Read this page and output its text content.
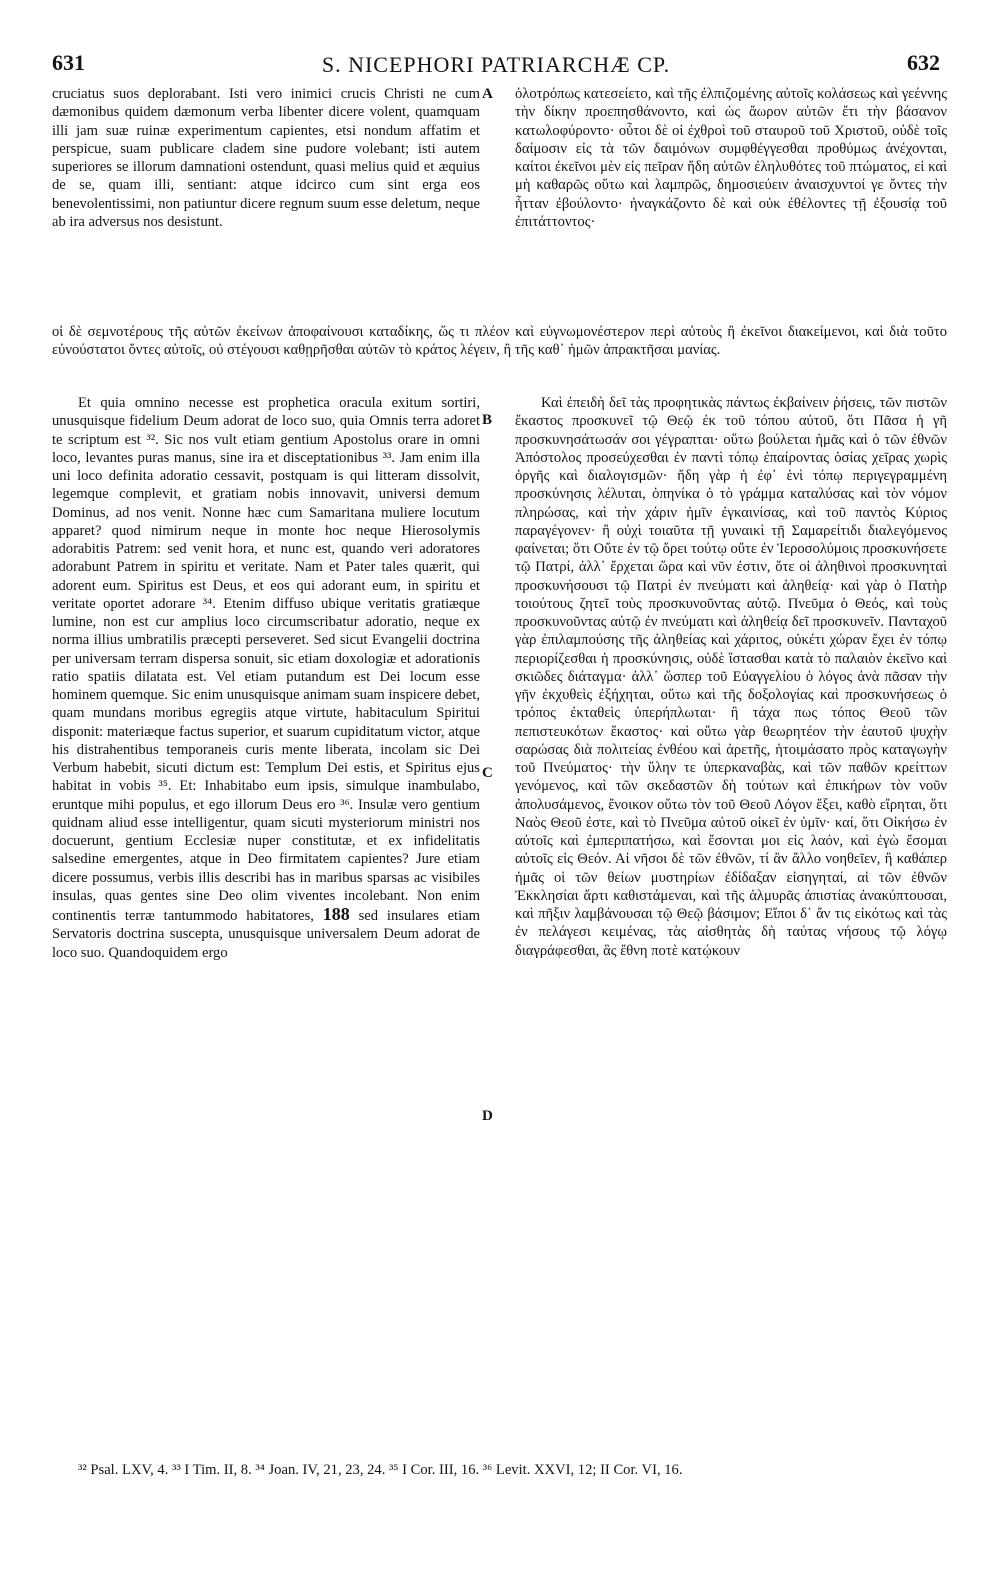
631	S. NICEPHORI PATRIARCHÆ CP.	632

cruciatus suos deplorabant. Isti vero inimici crucis Christi ne cum dæmonibus quidem dæmonum verba libenter dicere volent, quamquam illi jam suæ ruinæ experimentum capientes, etsi nondum affatim et perspicue, suam publicare cladem sine pudore volebant; isti autem superiores se illorum damnationi ostendunt, quasi melius quid et æquius de se, quam illi, sentiant: atque idcirco cum sint erga eos benevolentissimi, non patiuntur dicere regnum suum esse deletum, neque ab ira adversus nos desistunt.

ὁλοτρόπως κατεσείετο, καὶ τῆς ἐλπιζομένης αὐτοῖς κολάσεως καὶ γεέννης τὴν δίκην προεπησθάνοντο, καὶ ὡς ἄωρον αὐτῶν ἔτι τὴν βάσανον κατωλοφύροντο· οὗτοι δὲ οἱ ἐχθροὶ τοῦ σταυροῦ τοῦ Χριστοῦ, οὐδὲ τοῖς δαίμοσιν εἰς τὰ τῶν δαιμόνων συμφθέγγεσθαι προθύμως ἀνέχονται, καίτοι ἐκεῖνοι μὲν εἰς πεῖραν ἤδη αὐτῶν ἐληλυθότες τοῦ πτώματος, εἰ καὶ μὴ καθαρῶς οὕτω καὶ λαμπρῶς, δημοσιεύειν ἀναισχυντοί γε ὄντες τὴν ἧτταν ἐβούλοντο· ἠναγκάζοντο δὲ καὶ οὐκ ἐθέλοντες τῇ ἐξουσίᾳ τοῦ ἐπιτάττοντος·

οἱ δὲ σεμνοτέρους τῆς αὐτῶν ἐκείνων ἀποφαίνουσι καταδίκης, ὥς τι πλέον καὶ εὐγνωμονέστερον περὶ αὐτοὺς ἢ ἐκεῖνοι διακείμενοι, καὶ διὰ τοῦτο εὐνούστατοι ὄντες αὐτοῖς, οὐ στέγουσι καθῃρῆσθαι αὐτῶν τὸ κράτος λέγειν, ἢ τῆς καθ᾽ ἡμῶν ἀπρακτῆσαι μανίας.

Et quia omnino necesse est prophetica oracula exitum sortiri, unusquisque fidelium Deum adorat de loco suo, quia Omnis terra adoret te scriptum est ³². Sic nos vult etiam gentium Apostolus orare in omni loco, levantes puras manus, sine ira et disceptationibus ³³. Jam enim illa uni loco definita adoratio cessavit, postquam is qui litteram dissolvit, legemque complevit, et gratiam nobis innovavit, universi demum Dominus, ad nos venit. Nonne hæc cum Samaritana muliere locutum apparet? quod nimirum neque in monte hoc neque Hierosolymis adorabitis Patrem: sed venit hora, et nunc est, quando veri adoratores adorabunt Patrem in spiritu et veritate. Nam et Pater tales quærit, qui adorent eum. Spiritus est Deus, et eos qui adorant eum, in spiritu et veritate oportet adorare ³⁴. Etenim diffuso ubique veritatis gratiæque lumine, non est cur amplius loco circumscribatur adoratio, neque ex norma illius umbratilis præcepti perseveret. Sed sicut Evangelii doctrina per universam terram dispersa sonuit, sic etiam doxologiæ et adorationis ratio spatiis dilatata est. Vel etiam putandum est Dei locum esse hominem quemque. Sic enim unusquisque animam suam inspicere debet, quam mundans moribus egregiis atque virtute, habitaculum Spiritui disponit: materiæque factus superior, et suarum cupiditatum victor, atque his distrahentibus temporaneis curis mente liberata, incolam sic Dei Verbum habebit, sicuti dictum est: Templum Dei estis, et Spiritus ejus habitat in vobis ³⁵. Et: Inhabitabo eum ipsis, simulque inambulabo, eruntque mihi populus, et ego illorum Deus ero ³⁶. Insulæ vero gentium quidnam aliud esse intelligentur, quam sicuti mysteriorum ministri nos docuerunt, gentium Ecclesiæ nuper constitutæ, et ex infidelitatis salsedine emergentes, atque in Deo firmitatem capientes? Jure etiam dicere possumus, verbis illis describi has in maribus sparsas ac visibiles insulas, quas gentes sine Deo olim viventes incolebant. Non enim continentis terræ tantummodo habitatores, 188 sed insulares etiam Servatoris doctrina suscepta, unusquisque universalem Deum adorat de loco suo. Quandoquidem ergo

Καὶ ἐπειδὴ δεῖ τὰς προφητικὰς πάντως ἐκβαίνειν ῥήσεις, τῶν πιστῶν ἕκαστος προσκυνεῖ τῷ Θεῷ ἐκ τοῦ τόπου αὐτοῦ, ὅτι Πᾶσα ἡ γῆ προσκυνησάτωσάν σοι γέγραπται· οὕτω βούλεται ἡμᾶς καὶ ὁ τῶν ἐθνῶν Ἀπόστολος προσεύχεσθαι ἐν παντὶ τόπῳ ἐπαίροντας ὁσίας χεῖρας χωρὶς ὀργῆς καὶ διαλογισμῶν· ἤδη γὰρ ἡ ἐφ᾽ ἑνὶ τόπῳ περιγεγραμμένη προσκύνησις λέλυται, ὁπηνίκα ὁ τὸ γράμμα καταλύσας καὶ τὸν νόμον πληρώσας, καὶ τὴν χάριν ἡμῖν ἐγκαινίσας, καὶ τοῦ παντὸς Κύριος παραγέγονεν· ἢ οὐχὶ τοιαῦτα τῇ γυναικὶ τῇ Σαμαρείτιδι διαλεγόμενος φαίνεται; ὅτι Οὔτε ἐν τῷ ὄρει τούτῳ οὔτε ἐν Ἱεροσολύμοις προσκυνήσετε τῷ Πατρί, ἀλλ᾽ ἔρχεται ὥρα καὶ νῦν ἐστιν, ὅτε οἱ ἀληθινοὶ προσκυνηταὶ προσκυνήσουσι τῷ Πατρὶ ἐν πνεύματι καὶ ἀληθείᾳ· καὶ γὰρ ὁ Πατὴρ τοιούτους ζητεῖ τοὺς προσκυνοῦντας αὐτῷ. Πνεῦμα ὁ Θεός, καὶ τοὺς προσκυνοῦντας αὐτῷ ἐν πνεύματι καὶ ἀληθείᾳ δεῖ προσκυνεῖν. Πανταχοῦ γὰρ ἐπιλαμπούσης τῆς ἀληθείας καὶ χάριτος, οὐκέτι χώραν ἔχει ἐν τόπῳ περιορίζεσθαι ἡ προσκύνησις, οὐδὲ ἵστασθαι κατὰ τὸ παλαιὸν ἐκεῖνο καὶ σκιῶδες διάταγμα· ἀλλ᾽ ὥσπερ τοῦ Εὐαγγελίου ὁ λόγος ἀνὰ πᾶσαν τὴν γῆν ἐκχυθεὶς ἐξήχηται, οὕτω καὶ τῆς δοξολογίας καὶ προσκυνήσεως ὁ τρόπος ἐκταθεὶς ὑπερήπλωται· ἢ τάχα πως τόπος Θεοῦ τῶν πεπιστευκότων ἕκαστος· καὶ οὕτω γὰρ θεωρητέον τὴν ἑαυτοῦ ψυχὴν σαρώσας διὰ πολιτείας ἐνθέου καὶ ἀρετῆς, ἡτοιμάσατο πρὸς καταγωγὴν τοῦ Πνεύματος· τὴν ὕλην τε ὑπερκαναβὰς, καὶ τῶν παθῶν κρείττων γενόμενος, καὶ τῶν σκεδαστῶν δὴ τούτων καὶ ἐπικήρων τὸν νοῦν ἀπολυσάμενος, ἔνοικον οὕτω τὸν τοῦ Θεοῦ Λόγον ἕξει, καθὸ εἴρηται, ὅτι Ναὸς Θεοῦ ἐστε, καὶ τὸ Πνεῦμα αὐτοῦ οἰκεῖ ἐν ὑμῖν· καί, ὅτι Οἰκήσω ἐν αὐτοῖς καὶ ἐμπεριπατήσω, καὶ ἔσονται μοι εἰς λαόν, καὶ ἐγὼ ἔσομαι αὐτοῖς εἰς Θεόν. Αἱ νῆσοι δὲ τῶν ἐθνῶν, τί ἂν ἄλλο νοηθεῖεν, ἢ καθάπερ ἡμᾶς οἱ τῶν θείων μυστηρίων ἐδίδαξαν εἰσηγηταί, αἱ τῶν ἐθνῶν Ἐκκλησίαι ἄρτι καθιστάμεναι, καὶ τῆς ἁλμυρᾶς ἀπιστίας ἀνακύπτουσαι, καὶ πῆξιν λαμβάνουσαι τῷ Θεῷ βάσιμον; Εἴποι δ᾽ ἄν τις εἰκότως καὶ τὰς ἐν πελάγεσι κειμένας, τὰς αἰσθητὰς δὴ ταύτας νήσους τῷ λόγῳ διαγράφεσθαι, ἃς ἔθνη ποτὲ κατῴκουν

A
B
C
D

³² Psal. LXV, 4. ³³ I Tim. II, 8. ³⁴ Joan. IV, 21, 23, 24. ³⁵ I Cor. III, 16. ³⁶ Levit. XXVI, 12; II Cor. VI, 16.
